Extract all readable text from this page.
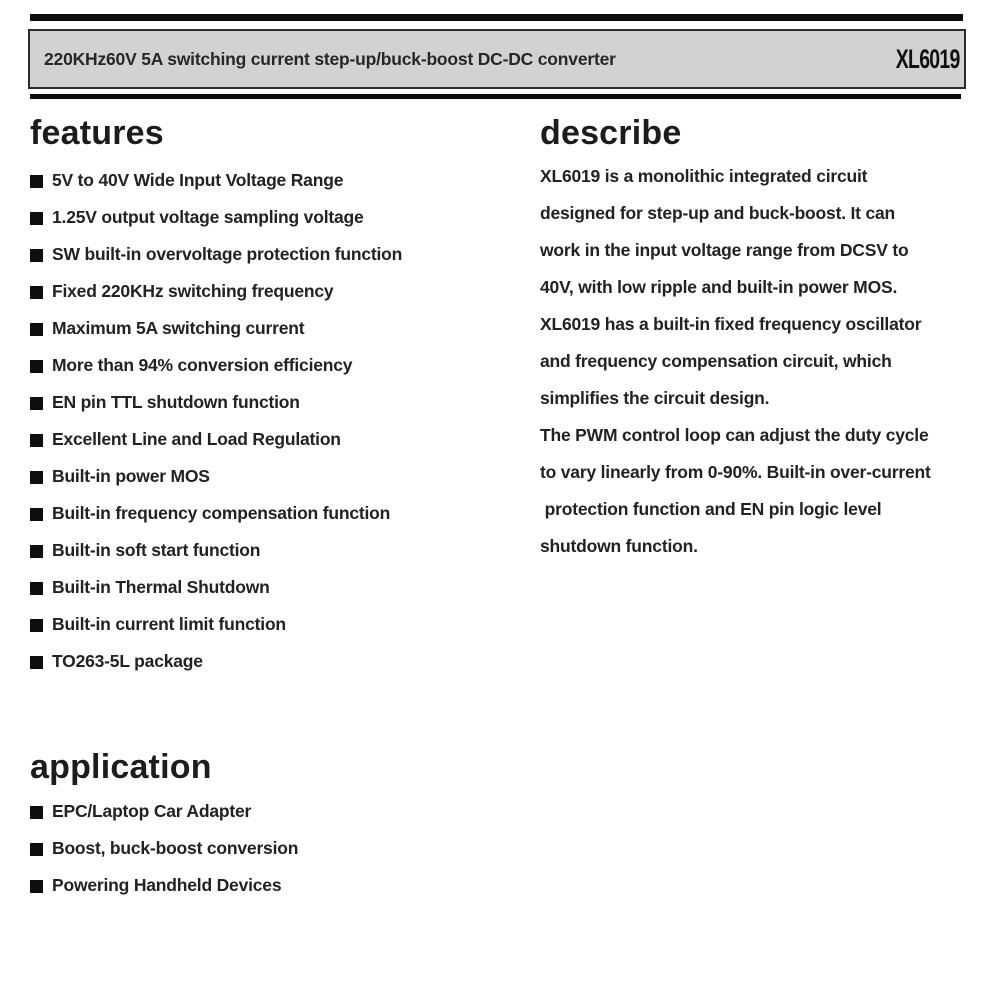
220KHz60V 5A switching current step-up/buck-boost DC-DC converter	XL6019
features
5V to 40V Wide Input Voltage Range
1.25V output voltage sampling voltage
SW built-in overvoltage protection function
Fixed 220KHz switching frequency
Maximum 5A switching current
More than 94% conversion efficiency
EN pin TTL shutdown function
Excellent Line and Load Regulation
Built-in power MOS
Built-in frequency compensation function
Built-in soft start function
Built-in Thermal Shutdown
Built-in current limit function
TO263-5L package
describe
XL6019 is a monolithic integrated circuit
designed for step-up and buck-boost. It can
work in the input voltage range from DCSV to
40V, with low ripple and built-in power MOS.
XL6019 has a built-in fixed frequency oscillator
and frequency compensation circuit, which
simplifies the circuit design.
The PWM control loop can adjust the duty cycle
to vary linearly from 0-90%. Built-in over-current
protection function and EN pin logic level
shutdown function.
application
EPC/Laptop Car Adapter
Boost, buck-boost conversion
Powering Handheld Devices
